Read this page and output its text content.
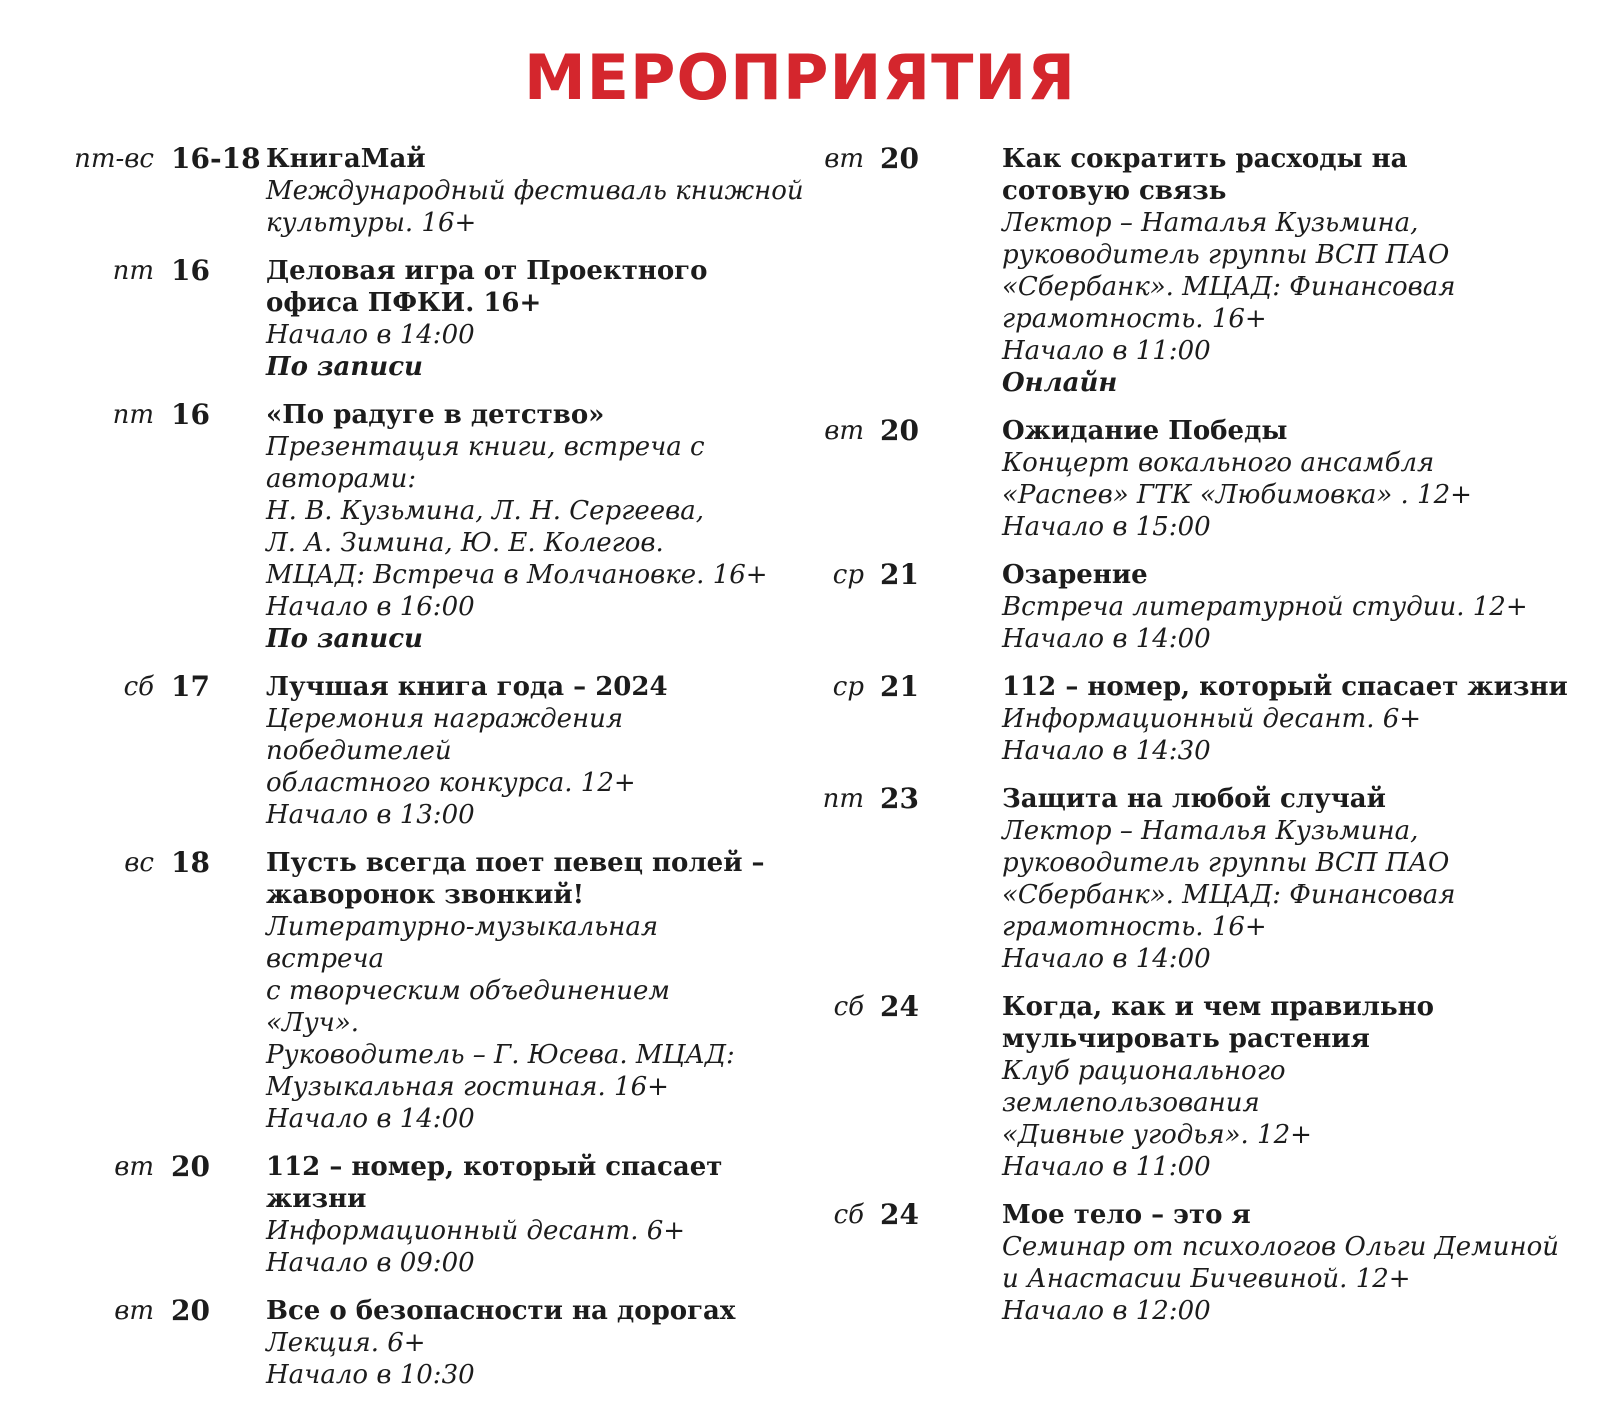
МЕРОПРИЯТИЯ
пт-вс 16-18 КнигаМай
Международный фестиваль книжной
культуры. 16+
пт 16 Деловая игра от Проектного офиса ПФКИ. 16+
Начало в 14:00
По записи
пт 16 «По радуге в детство»
Презентация книги, встреча с авторами:
Н. В. Кузьмина, Л. Н. Сергеева,
Л. А. Зимина, Ю. Е. Колегов.
МЦАД: Встреча в Молчановке. 16+
Начало в 16:00
По записи
сб 17 Лучшая книга года – 2024
Церемония награждения победителей
областного конкурса. 12+
Начало в 13:00
вс 18 Пусть всегда поет певец полей – жаворонок звонкий!
Литературно-музыкальная встреча
с творческим объединением «Луч».
Руководитель – Г. Юсева. МЦАД:
Музыкальная гостиная. 16+
Начало в 14:00
вт 20 112 – номер, который спасает жизни
Информационный десант. 6+
Начало в 09:00
вт 20 Все о безопасности на дорогах
Лекция. 6+
Начало в 10:30
вт 20	Как сократить расходы на сотовую связь
Лектор – Наталья Кузьмина,
руководитель группы ВСП ПАО
«Сбербанк». МЦАД: Финансовая
грамотность. 16+
Начало в 11:00
Онлайн
вт 20	Ожидание Победы
Концерт вокального ансамбля
«Распев» ГТК «Любимовка» . 12+
Начало в 15:00
ср 21	Озарение
Встреча литературной студии. 12+
Начало в 14:00
ср 21	112 – номер, который спасает жизни
Информационный десант. 6+
Начало в 14:30
пт 23	Защита на любой случай
Лектор – Наталья Кузьмина,
руководитель группы ВСП ПАО
«Сбербанк». МЦАД: Финансовая
грамотность. 16+
Начало в 14:00
сб 24	Когда, как и чем правильно мульчировать растения
Клуб рационального землепользования
«Дивные угодья». 12+
Начало в 11:00
сб 24	Мое тело – это я
Семинар от психологов Ольги Деминой
и Анастасии Бичевиной. 12+
Начало в 12:00
